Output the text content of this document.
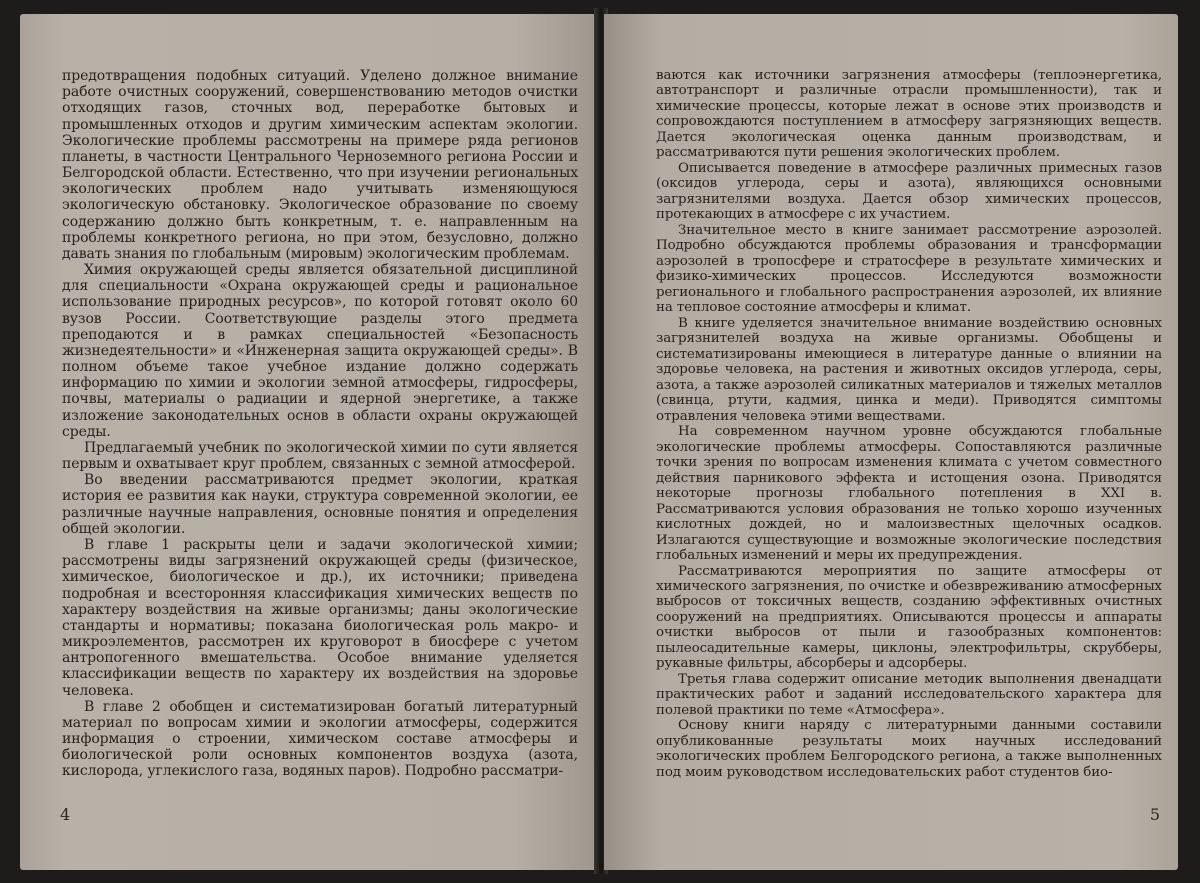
предотвращения подобных ситуаций. Уделено должное внимание работе очистных сооружений, совершенствованию методов очистки отходящих газов, сточных вод, переработке бытовых и промышленных отходов и другим химическим аспектам экологии. Экологические проблемы рассмотрены на примере ряда регионов планеты, в частности Центрального Черноземного региона России и Белгородской области. Естественно, что при изучении региональных экологических проблем надо учитывать изменяющуюся экологическую обстановку. Экологическое образование по своему содержанию должно быть конкретным, т. е. направленным на проблемы конкретного региона, но при этом, безусловно, должно давать знания по глобальным (мировым) экологическим проблемам.

Химия окружающей среды является обязательной дисциплиной для специальности «Охрана окружающей среды и рациональное использование природных ресурсов», по которой готовят около 60 вузов России. Соответствующие разделы этого предмета преподаются и в рамках специальностей «Безопасность жизнедеятельности» и «Инженерная защита окружающей среды». В полном объеме такое учебное издание должно содержать информацию по химии и экологии земной атмосферы, гидросферы, почвы, материалы о радиации и ядерной энергетике, а также изложение законодательных основ в области охраны окружающей среды.

Предлагаемый учебник по экологической химии по сути является первым и охватывает круг проблем, связанных с земной атмосферой.

Во введении рассматриваются предмет экологии, краткая история ее развития как науки, структура современной экологии, ее различные научные направления, основные понятия и определения общей экологии.

В главе 1 раскрыты цели и задачи экологической химии; рассмотрены виды загрязнений окружающей среды (физическое, химическое, биологическое и др.), их источники; приведена подробная и всесторонняя классификация химических веществ по характеру воздействия на живые организмы; даны экологические стандарты и нормативы; показана биологическая роль макро- и микроэлементов, рассмотрен их круговорот в биосфере с учетом антропогенного вмешательства. Особое внимание уделяется классификации веществ по характеру их воздействия на здоровье человека.

В главе 2 обобщен и систематизирован богатый литературный материал по вопросам химии и экологии атмосферы, содержится информация о строении, химическом составе атмосферы и биологической роли основных компонентов воздуха (азота, кислорода, углекислого газа, водяных паров). Подробно рассматри-

4

ваются как источники загрязнения атмосферы (теплоэнергетика, автотранспорт и различные отрасли промышленности), так и химические процессы, которые лежат в основе этих производств и сопровождаются поступлением в атмосферу загрязняющих веществ. Дается экологическая оценка данным производствам, и рассматриваются пути решения экологических проблем.

Описывается поведение в атмосфере различных примесных газов (оксидов углерода, серы и азота), являющихся основными загрязнителями воздуха. Дается обзор химических процессов, протекающих в атмосфере с их участием.

Значительное место в книге занимает рассмотрение аэрозолей. Подробно обсуждаются проблемы образования и трансформации аэрозолей в тропосфере и стратосфере в результате химических и физико-химических процессов. Исследуются возможности регионального и глобального распространения аэрозолей, их влияние на тепловое состояние атмосферы и климат.

В книге уделяется значительное внимание воздействию основных загрязнителей воздуха на живые организмы. Обобщены и систематизированы имеющиеся в литературе данные о влиянии на здоровье человека, на растения и животных оксидов углерода, серы, азота, а также аэрозолей силикатных материалов и тяжелых металлов (свинца, ртути, кадмия, цинка и меди). Приводятся симптомы отравления человека этими веществами.

На современном научном уровне обсуждаются глобальные экологические проблемы атмосферы. Сопоставляются различные точки зрения по вопросам изменения климата с учетом совместного действия парникового эффекта и истощения озона. Приводятся некоторые прогнозы глобального потепления в XXI в. Рассматриваются условия образования не только хорошо изученных кислотных дождей, но и малоизвестных щелочных осадков. Излагаются существующие и возможные экологические последствия глобальных изменений и меры их предупреждения.

Рассматриваются мероприятия по защите атмосферы от химического загрязнения, по очистке и обезвреживанию атмосферных выбросов от токсичных веществ, созданию эффективных очистных сооружений на предприятиях. Описываются процессы и аппараты очистки выбросов от пыли и газообразных компонентов: пылеосадительные камеры, циклоны, электрофильтры, скрубберы, рукавные фильтры, абсорберы и адсорберы.

Третья глава содержит описание методик выполнения двенадцати практических работ и заданий исследовательского характера для полевой практики по теме «Атмосфера».

Основу книги наряду с литературными данными составили опубликованные результаты моих научных исследований экологических проблем Белгородского региона, а также выполненных под моим руководством исследовательских работ студентов био-

5
